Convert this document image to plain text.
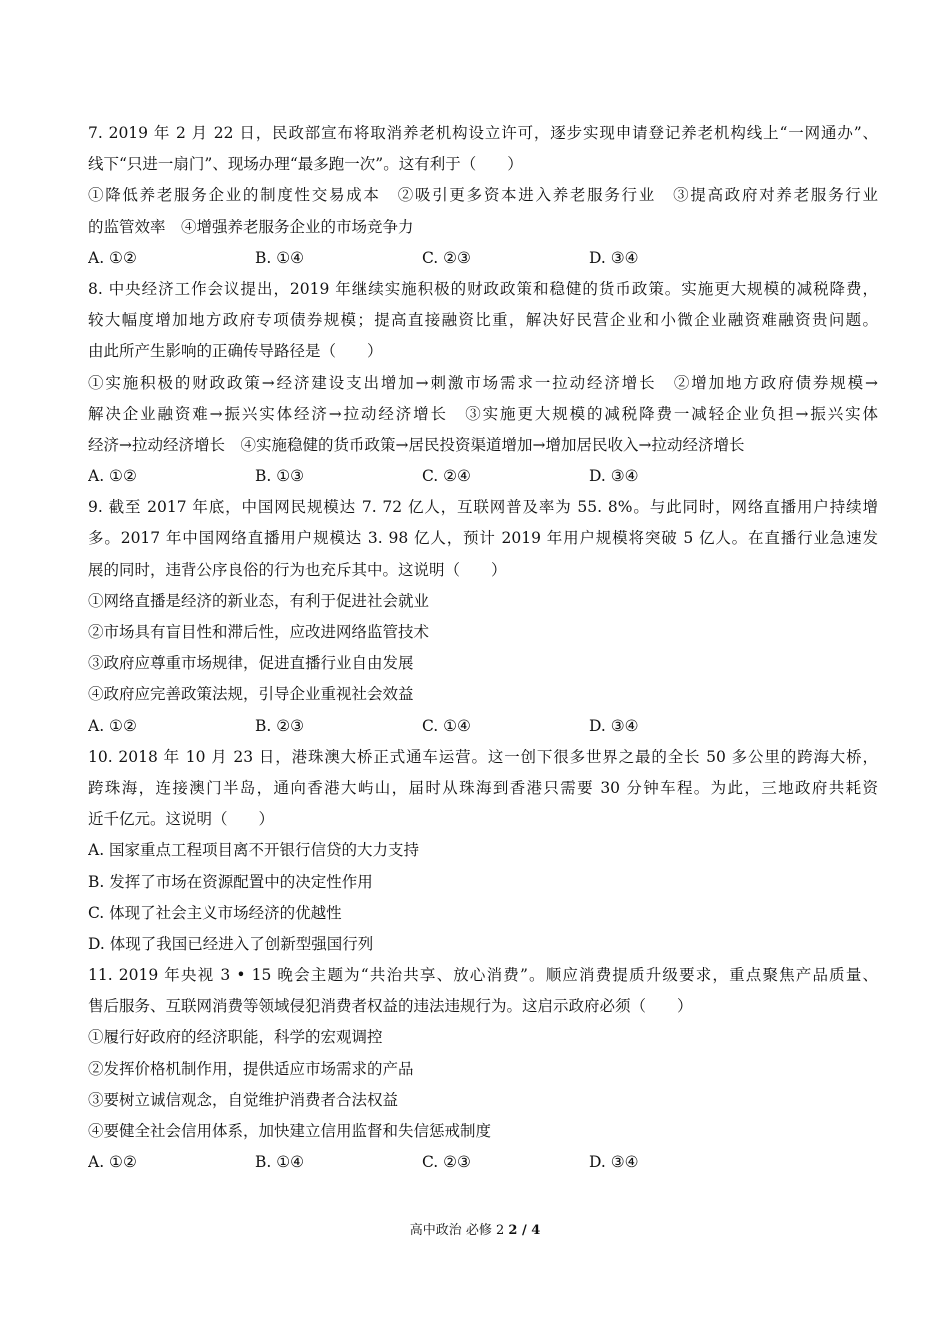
7. 2019 年 2 月 22 日，民政部宣布将取消养老机构设立许可，逐步实现申请登记养老机构线上“一网通办”、
线下“只进一扇门”、现场办理“最多跑一次”。这有利于（　　）
①降低养老服务企业的制度性交易成本　②吸引更多资本进入养老服务行业　③提高政府对养老服务行业
的监管效率　④增强养老服务企业的市场竞争力
A. ①②	B. ①④	C. ②③	D. ③④
8. 中央经济工作会议提出，2019 年继续实施积极的财政政策和稳健的货币政策。实施更大规模的减税降费，
较大幅度增加地方政府专项债券规模；提高直接融资比重，解决好民营企业和小微企业融资难融资贵问题。
由此所产生影响的正确传导路径是（　　）
①实施积极的财政政策→经济建设支出增加→刺激市场需求一拉动经济增长　②增加地方政府债券规模→
解决企业融资难→振兴实体经济→拉动经济增长　③实施更大规模的减税降费一减轻企业负担→振兴实体
经济→拉动经济增长　④实施稳健的货币政策→居民投资渠道增加→增加居民收入→拉动经济增长
A. ①②	B. ①③	C. ②④	D. ③④
9. 截至 2017 年底，中国网民规模达 7. 72 亿人，互联网普及率为 55. 8%。与此同时，网络直播用户持续增
多。2017 年中国网络直播用户规模达 3. 98 亿人，预计 2019 年用户规模将突破 5 亿人。在直播行业急速发
展的同时，违背公序良俗的行为也充斥其中。这说明（　　）
①网络直播是经济的新业态，有利于促进社会就业
②市场具有盲目性和滞后性，应改进网络监管技术
③政府应尊重市场规律，促进直播行业自由发展
④政府应完善政策法规，引导企业重视社会效益
A. ①②	B. ②③	C. ①④	D. ③④
10. 2018 年 10 月 23 日，港珠澳大桥正式通车运营。这一创下很多世界之最的全长 50 多公里的跨海大桥，
跨珠海，连接澳门半岛，通向香港大屿山，届时从珠海到香港只需要 30 分钟车程。为此，三地政府共耗资
近千亿元。这说明（　　）
A. 国家重点工程项目离不开银行信贷的大力支持
B. 发挥了市场在资源配置中的决定性作用
C. 体现了社会主义市场经济的优越性
D. 体现了我国已经进入了创新型强国行列
11. 2019 年央视 3 • 15 晚会主题为“共治共享、放心消费”。顺应消费提质升级要求，重点聚焦产品质量、
售后服务、互联网消费等领域侵犯消费者权益的违法违规行为。这启示政府必须（　　）
①履行好政府的经济职能，科学的宏观调控
②发挥价格机制作用，提供适应市场需求的产品
③要树立诚信观念，自觉维护消费者合法权益
④要健全社会信用体系，加快建立信用监督和失信惩戒制度
A. ①②	B. ①④	C. ②③	D. ③④
高中政治 必修 2 2 / 4
